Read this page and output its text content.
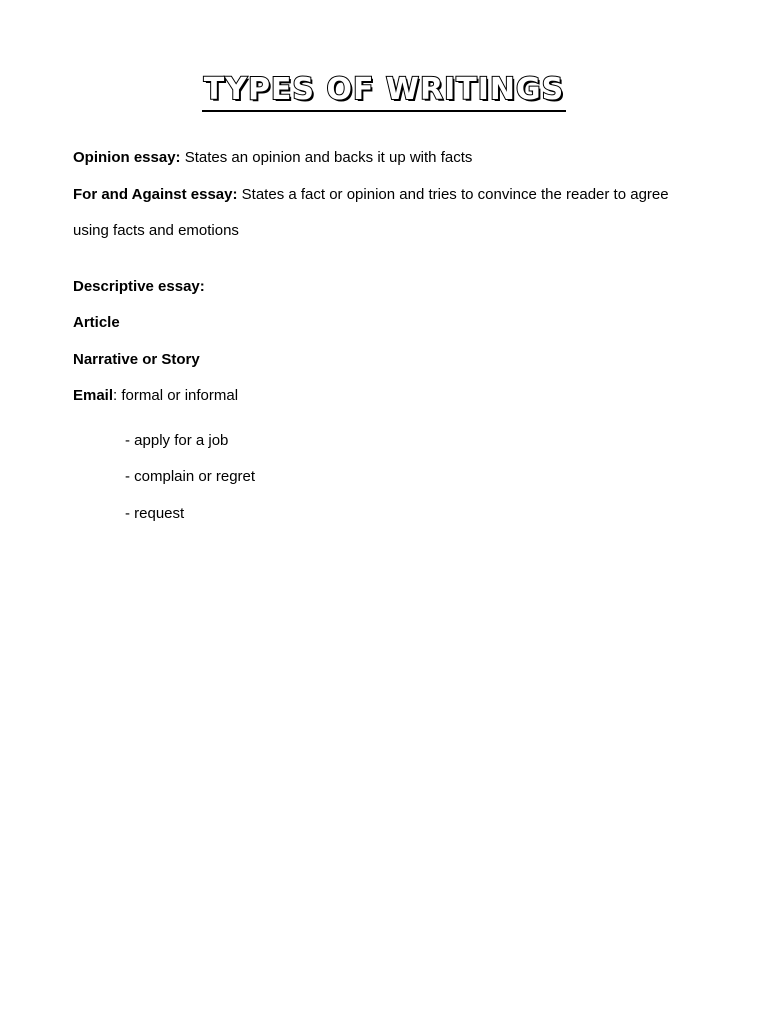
TYPES OF WRITINGS
Opinion essay: States an opinion and backs it up with facts
For and Against essay: States a fact or opinion and tries to convince the reader to agree
using facts and emotions
Descriptive essay:
Article
Narrative or Story
Email: formal or informal
- apply for a job
- complain or regret
- request
